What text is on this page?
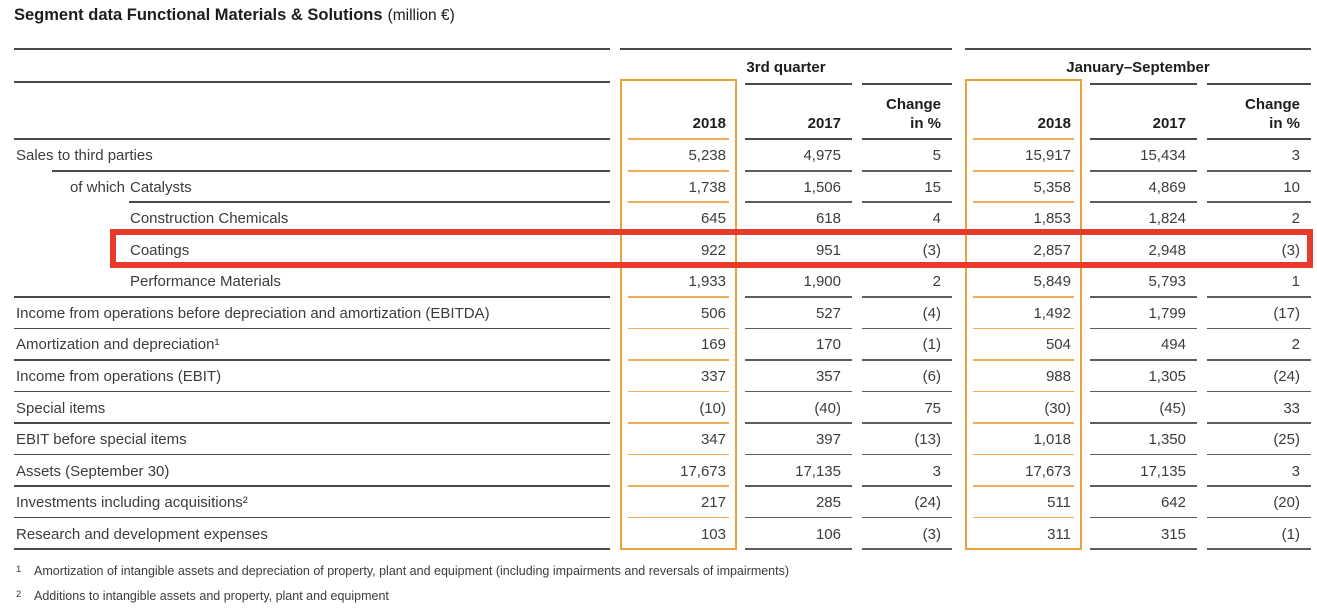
Segment data Functional Materials & Solutions (million €)
3rd quarter	January–September
2018	2017
Change
in %	2018	2017
Change
in %
Sales to third parties	5,238	4,975	5	15,917	15,434	3
of which Catalysts	1,738	1,506	15	5,358	4,869	10
Construction Chemicals	645	618	4	1,853	1,824	2
Coatings	922	951	(3)	2,857	2,948	(3)
Performance Materials	1,933	1,900	2	5,849	5,793	1
Income from operations before depreciation and amortization (EBITDA)	506	527	(4)	1,492	1,799	(17)
Amortization and depreciation¹	169	170	(1)	504	494	2
Income from operations (EBIT)	337	357	(6)	988	1,305	(24)
Special items	(10)	(40)	75	(30)	(45)	33
EBIT before special items	347	397	(13)	1,018	1,350	(25)
Assets (September 30)	17,673	17,135	3	17,673	17,135	3
Investments including acquisitions²	217	285	(24)	511	642	(20)
Research and development expenses	103	106	(3)	311	315	(1)
1	Amortization of intangible assets and depreciation of property, plant and equipment (including impairments and reversals of impairments)
2	Additions to intangible assets and property, plant and equipment
